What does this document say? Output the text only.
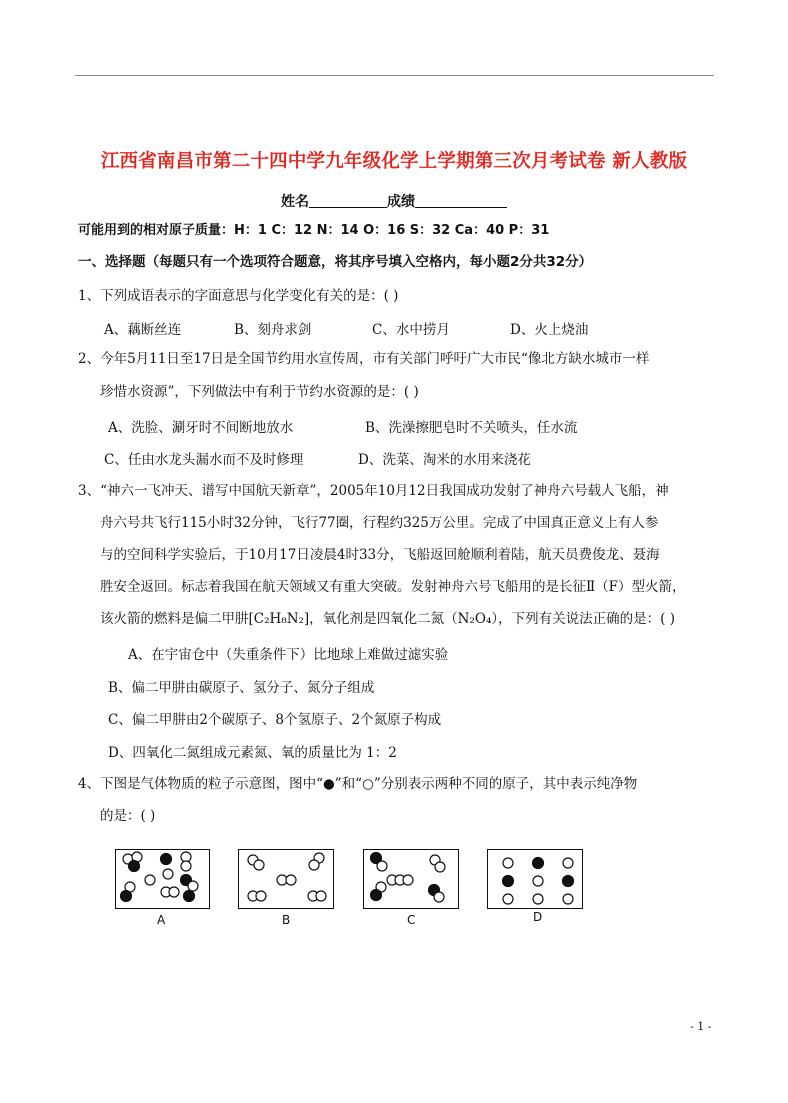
江西省南昌市第二十四中学九年级化学上学期第三次月考试卷 新人教版
姓名	成绩
可能用到的相对原子质量：H：1 C：12 N：14 O：16 S：32 Ca：40 P：31
一、选择题（每题只有一个选项符合题意，将其序号填入空格内，每小题2分共32分）
1、下列成语表示的字面意思与化学变化有关的是：( )
A、藕断丝连	B、刻舟求剑	C、水中捞月	D、火上烧油
2、今年5月11日至17日是全国节约用水宣传周，市有关部门呼吁广大市民“像北方缺水城市一样
珍惜水资源”，下列做法中有利于节约水资源的是：( )
A、洗脸、涮牙时不间断地放水	B、洗澡擦肥皂时不关喷头，任水流
C、任由水龙头漏水而不及时修理	D、洗菜、淘米的水用来浇花
3、“神六一飞冲天、谱写中国航天新章”，2005年10月12日我国成功发射了神舟六号载人飞船，神
舟六号共飞行115小时32分钟，飞行77圈，行程约325万公里。完成了中国真正意义上有人参
与的空间科学实验后，于10月17日凌晨4时33分，飞船返回舱顺利着陆，航天员费俊龙、聂海
胜安全返回。标志着我国在航天领域又有重大突破。发射神舟六号飞船用的是长征Ⅱ（F）型火箭，
该火箭的燃料是偏二甲肼[C₂H₈N₂]，氧化剂是四氧化二氮（N₂O₄），下列有关说法正确的是：( )
A、在宇宙仓中（失重条件下）比地球上难做过滤实验
B、偏二甲肼由碳原子、氢分子、氮分子组成
C、偏二甲肼由2个碳原子、8个氢原子、2个氮原子构成
D、四氧化二氮组成元素氮、氧的质量比为 1：2
4、下图是气体物质的粒子示意图，图中“●”和“○”分别表示两种不同的原子，其中表示纯净物
的是：( )
A	B	C	D
- 1 -
